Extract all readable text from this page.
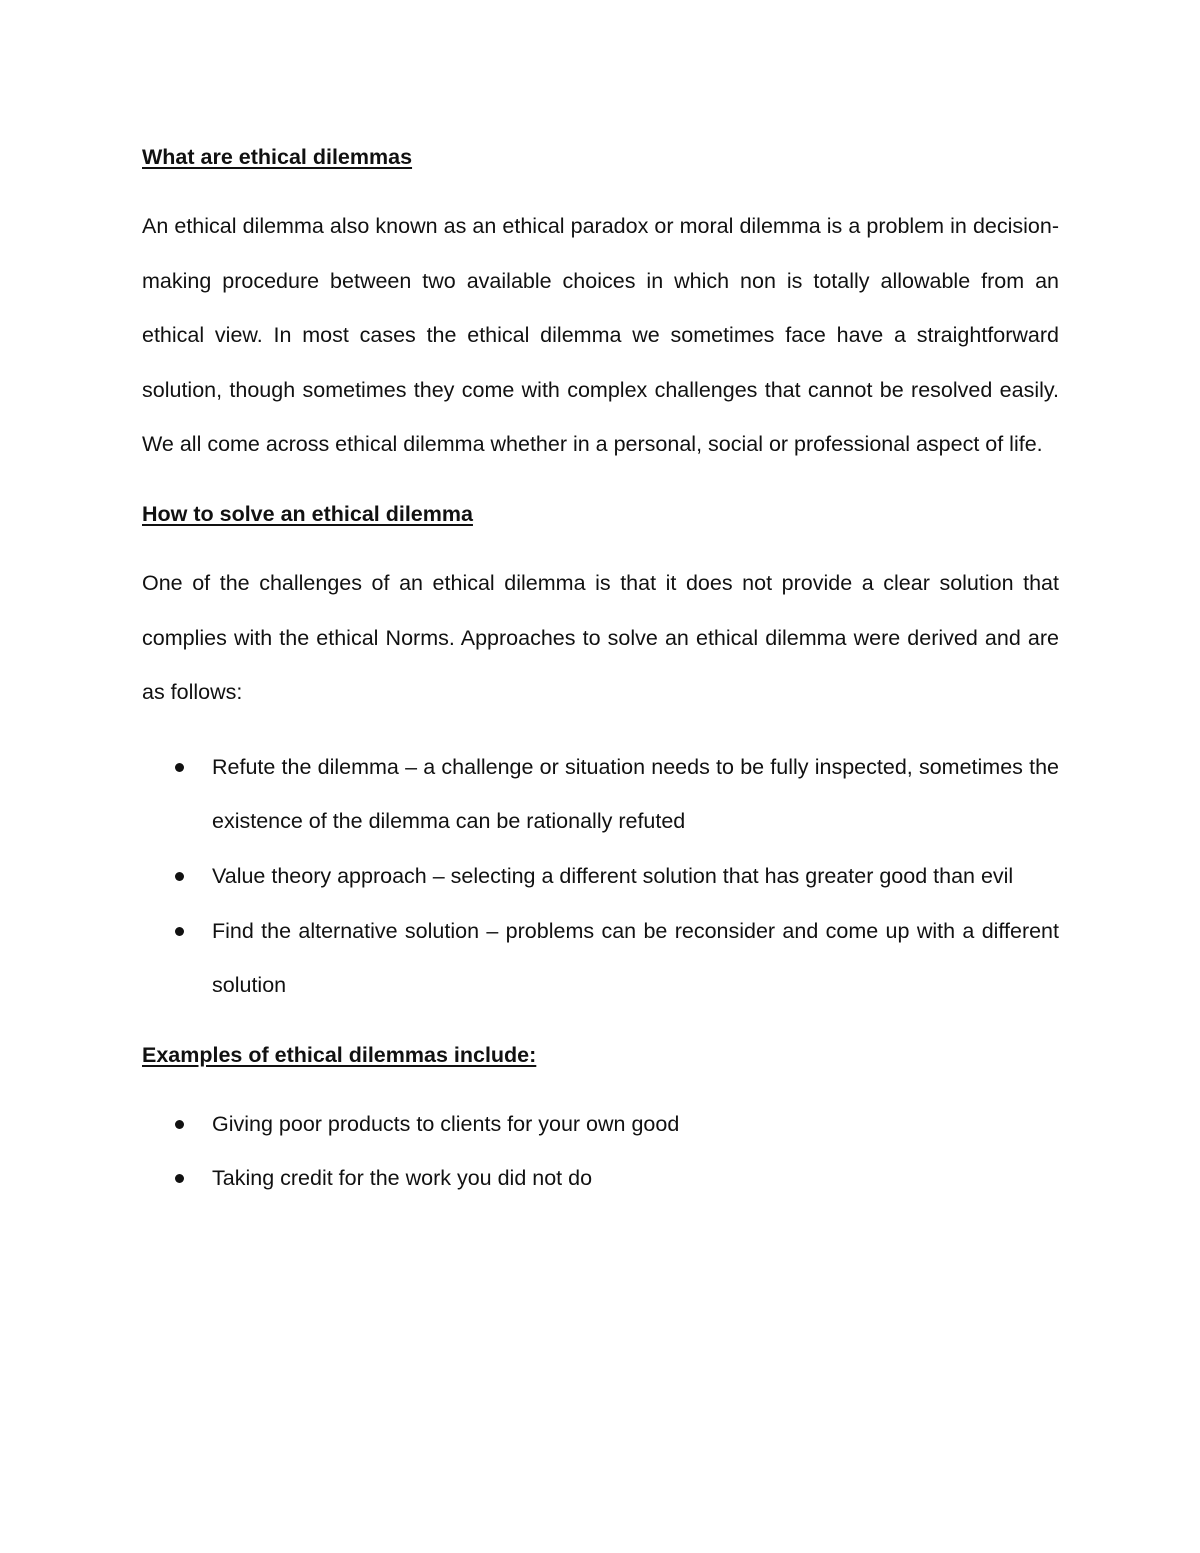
What are ethical dilemmas
An ethical dilemma also known as an ethical paradox or moral dilemma is a problem in decision-making procedure between two available choices in which non is totally allowable from an ethical view. In most cases the ethical dilemma we sometimes face have a straightforward solution, though sometimes they come with complex challenges that cannot be resolved easily. We all come across ethical dilemma whether in a personal, social or professional aspect of life.
How to solve an ethical dilemma
One of the challenges of an ethical dilemma is that it does not provide a clear solution that complies with the ethical Norms. Approaches to solve an ethical dilemma were derived and are as follows:
Refute the dilemma – a challenge or situation needs to be fully inspected, sometimes the existence of the dilemma can be rationally refuted
Value theory approach – selecting a different solution that has greater good than evil
Find the alternative solution – problems can be reconsider and come up with a different solution
Examples of ethical dilemmas include:
Giving poor products to clients for your own good
Taking credit for the work you did not do
